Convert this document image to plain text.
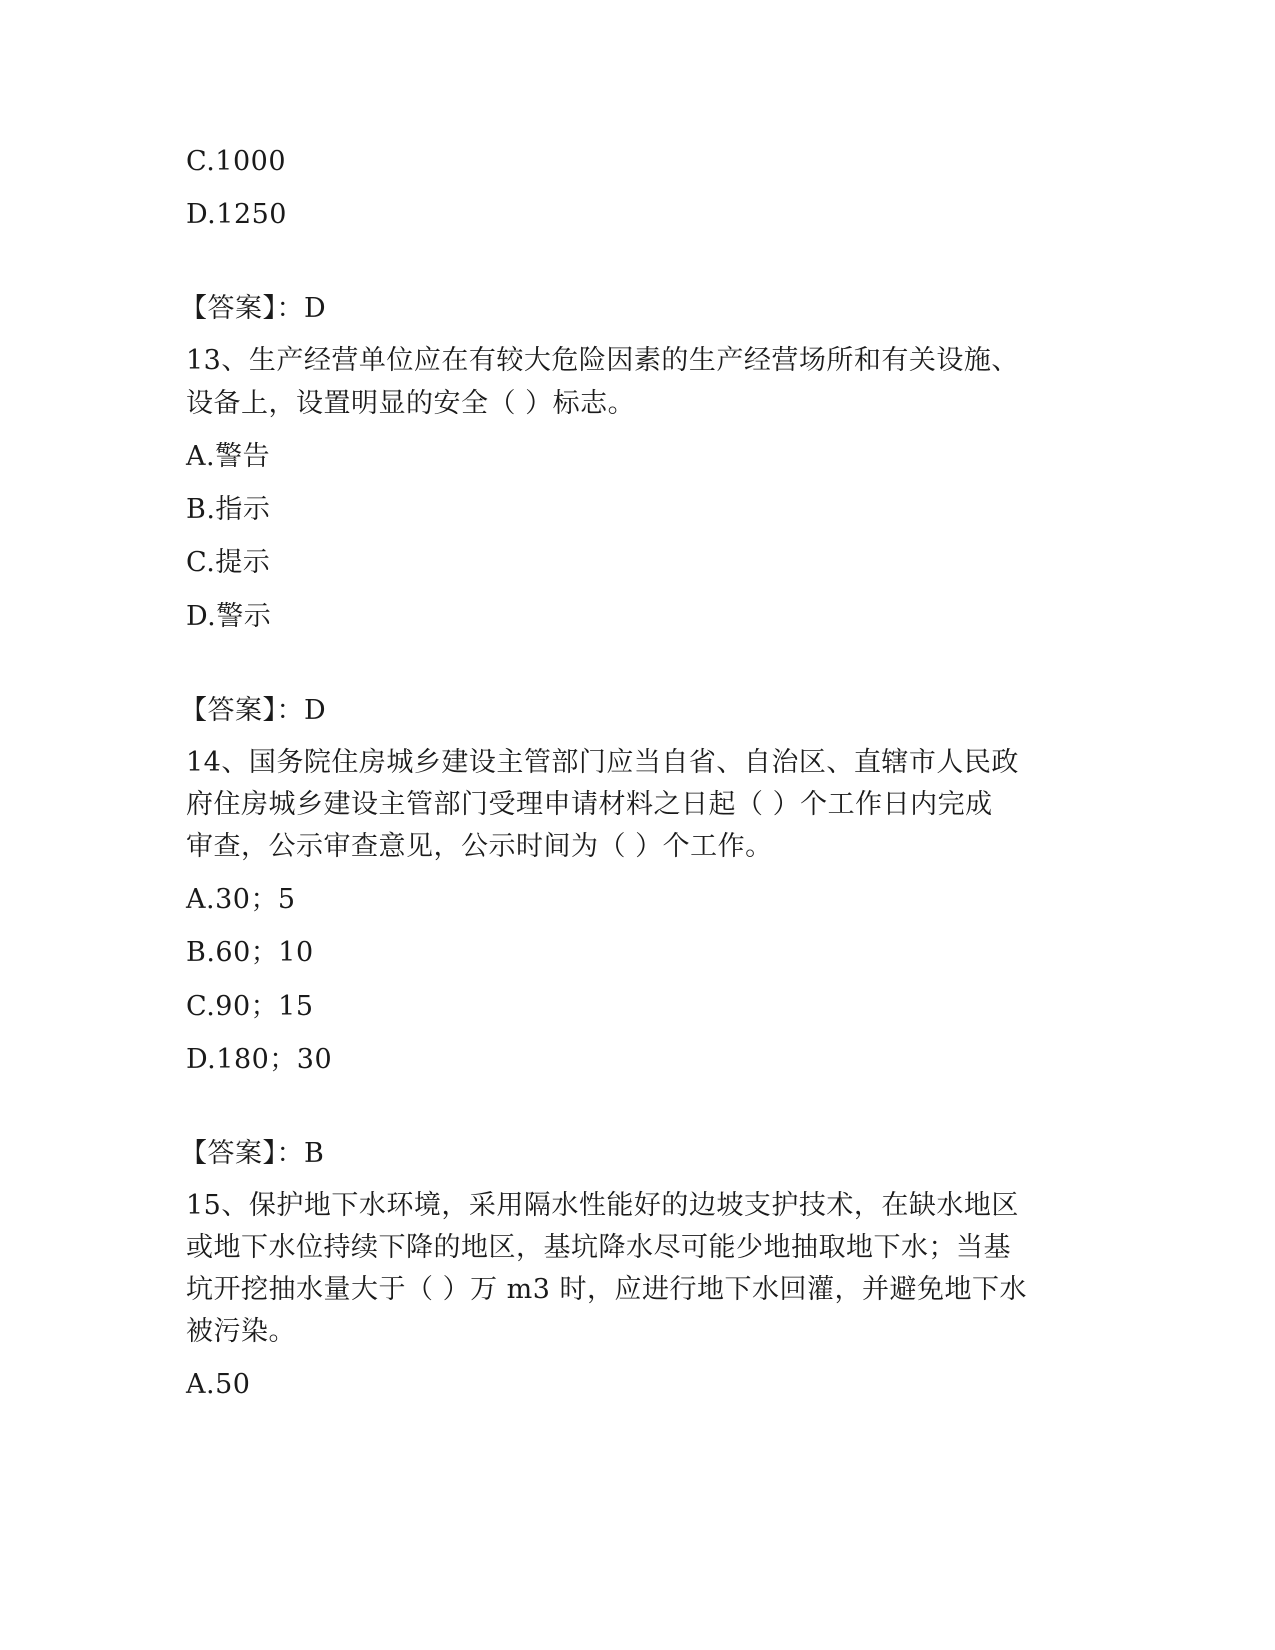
C.1000

D.1250

【答案】：D

13、生产经营单位应在有较大危险因素的生产经营场所和有关设施、

设备上，设置明显的安全（ ）标志。

A.警告

B.指示

C.提示

D.警示

【答案】：D

14、国务院住房城乡建设主管部门应当自省、自治区、直辖市人民政

府住房城乡建设主管部门受理申请材料之日起（ ）个工作日内完成

审查，公示审查意见，公示时间为（ ）个工作。

A.30；5

B.60；10

C.90；15

D.180；30

【答案】：B

15、保护地下水环境，采用隔水性能好的边坡支护技术，在缺水地区

或地下水位持续下降的地区，基坑降水尽可能少地抽取地下水；当基

坑开挖抽水量大于（ ）万 m3 时，应进行地下水回灌，并避免地下水

被污染。

A.50
